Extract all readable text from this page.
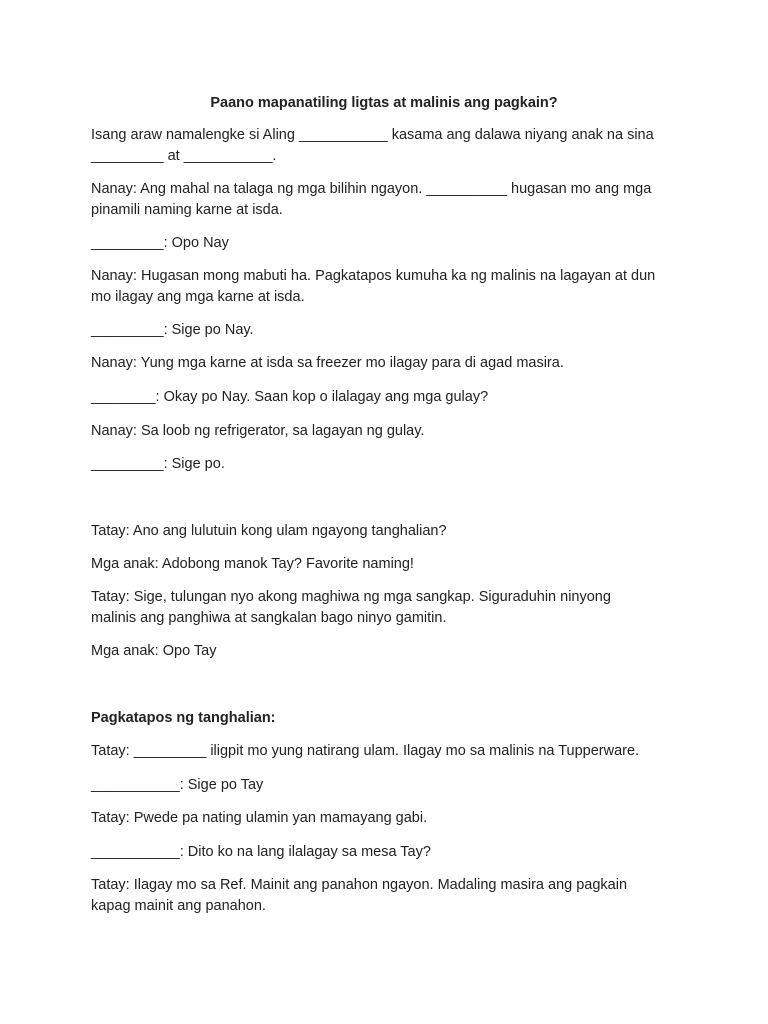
Paano mapanatiling ligtas at malinis ang pagkain?

Isang araw namalengke si Aling ___________ kasama ang dalawa niyang anak na sina
_________ at ___________.

Nanay: Ang mahal na talaga ng mga bilihin ngayon. __________ hugasan mo ang mga
pinamili naming karne at isda.

_________: Opo Nay

Nanay: Hugasan mong mabuti ha. Pagkatapos kumuha ka ng malinis na lagayan at dun
mo ilagay ang mga karne at isda.

_________: Sige po Nay.

Nanay: Yung mga karne at isda sa freezer mo ilagay para di agad masira.

________: Okay po Nay. Saan kop o ilalagay ang mga gulay?

Nanay: Sa loob ng refrigerator, sa lagayan ng gulay.

_________: Sige po.

Tatay: Ano ang lulutuin kong ulam ngayong tanghalian?

Mga anak: Adobong manok Tay? Favorite naming!

Tatay: Sige, tulungan nyo akong maghiwa ng mga sangkap. Siguraduhin ninyong
malinis ang panghiwa at sangkalan bago ninyo gamitin.

Mga anak: Opo Tay

Pagkatapos ng tanghalian:

Tatay: _________ iligpit mo yung natirang ulam. Ilagay mo sa malinis na Tupperware.

___________: Sige po Tay

Tatay: Pwede pa nating ulamin yan mamayang gabi.

___________: Dito ko na lang ilalagay sa mesa Tay?

Tatay: Ilagay mo sa Ref. Mainit ang panahon ngayon. Madaling masira ang pagkain
kapag mainit ang panahon.
